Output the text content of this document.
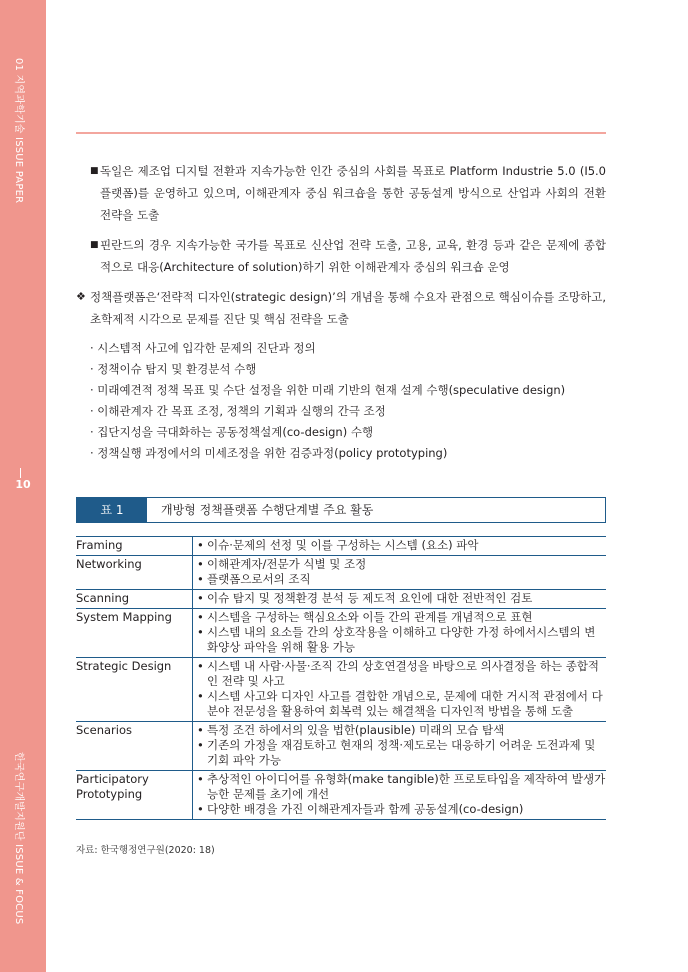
01 지역과학기술 ISSUE PAPER
10
한국연구개발지원단 ISSUE & FOCUS
■ 독일은 제조업 디지털 전환과 지속가능한 인간 중심의 사회를 목표로 Platform Industrie 5.0 (I5.0 플랫폼)를 운영하고 있으며, 이해관계자 중심 워크숍을 통한 공동설계 방식으로 산업과 사회의 전환 전략을 도출
■ 핀란드의 경우 지속가능한 국가를 목표로 신산업 전략 도출, 고용, 교육, 환경 등과 같은 문제에 종합적으로 대응(Architecture of solution)하기 위한 이해관계자 중심의 워크숍 운영
❖ 정책플랫폼은‘전략적 디자인(strategic design)’의 개념을 통해 수요자 관점으로 핵심이슈를 조망하고, 초학제적 시각으로 문제를 진단 및 핵심 전략을 도출
· 시스템적 사고에 입각한 문제의 진단과 정의
· 정책이슈 탐지 및 환경분석 수행
· 미래예견적 정책 목표 및 수단 설정을 위한 미래 기반의 현재 설계 수행(speculative design)
· 이해관계자 간 목표 조정, 정책의 기획과 실행의 간극 조정
· 집단지성을 극대화하는 공동정책설계(co-design) 수행
· 정책실행 과정에서의 미세조정을 위한 검증과정(policy prototyping)
표 1	개방형 정책플랫폼 수행단계별 주요 활동
Framing	• 이슈·문제의 선정 및 이를 구성하는 시스템 (요소) 파악

Networking	• 이해관계자/전문가 식별 및 조정
• 플랫폼으로서의 조직

Scanning	• 이슈 탐지 및 정책환경 분석 등 제도적 요인에 대한 전반적인 검토

System Mapping	• 시스템을 구성하는 핵심요소와 이들 간의 관계를 개념적으로 표현
• 시스템 내의 요소들 간의 상호작용을 이해하고 다양한 가정 하에서시스템의 변화양상 파악을 위해 활용 가능

Strategic Design	• 시스템 내 사람·사물·조직 간의 상호연결성을 바탕으로 의사결정을 하는 종합적인 전략 및 사고
• 시스템 사고와 디자인 사고를 결합한 개념으로, 문제에 대한 거시적 관점에서 다분야 전문성을 활용하여 회복력 있는 해결책을 디자인적 방법을 통해 도출

Scenarios	• 특정 조건 하에서의 있을 법한(plausible) 미래의 모습 탐색
• 기존의 가정을 재검토하고 현재의 정책·제도로는 대응하기 어려운 도전과제 및 기회 파악 가능

Participatory Prototyping	• 추상적인 아이디어를 유형화(make tangible)한 프로토타입을 제작하여 발생가능한 문제를 초기에 개선
• 다양한 배경을 가진 이해관계자들과 함께 공동설계(co-design)
자료: 한국행정연구원(2020: 18)
